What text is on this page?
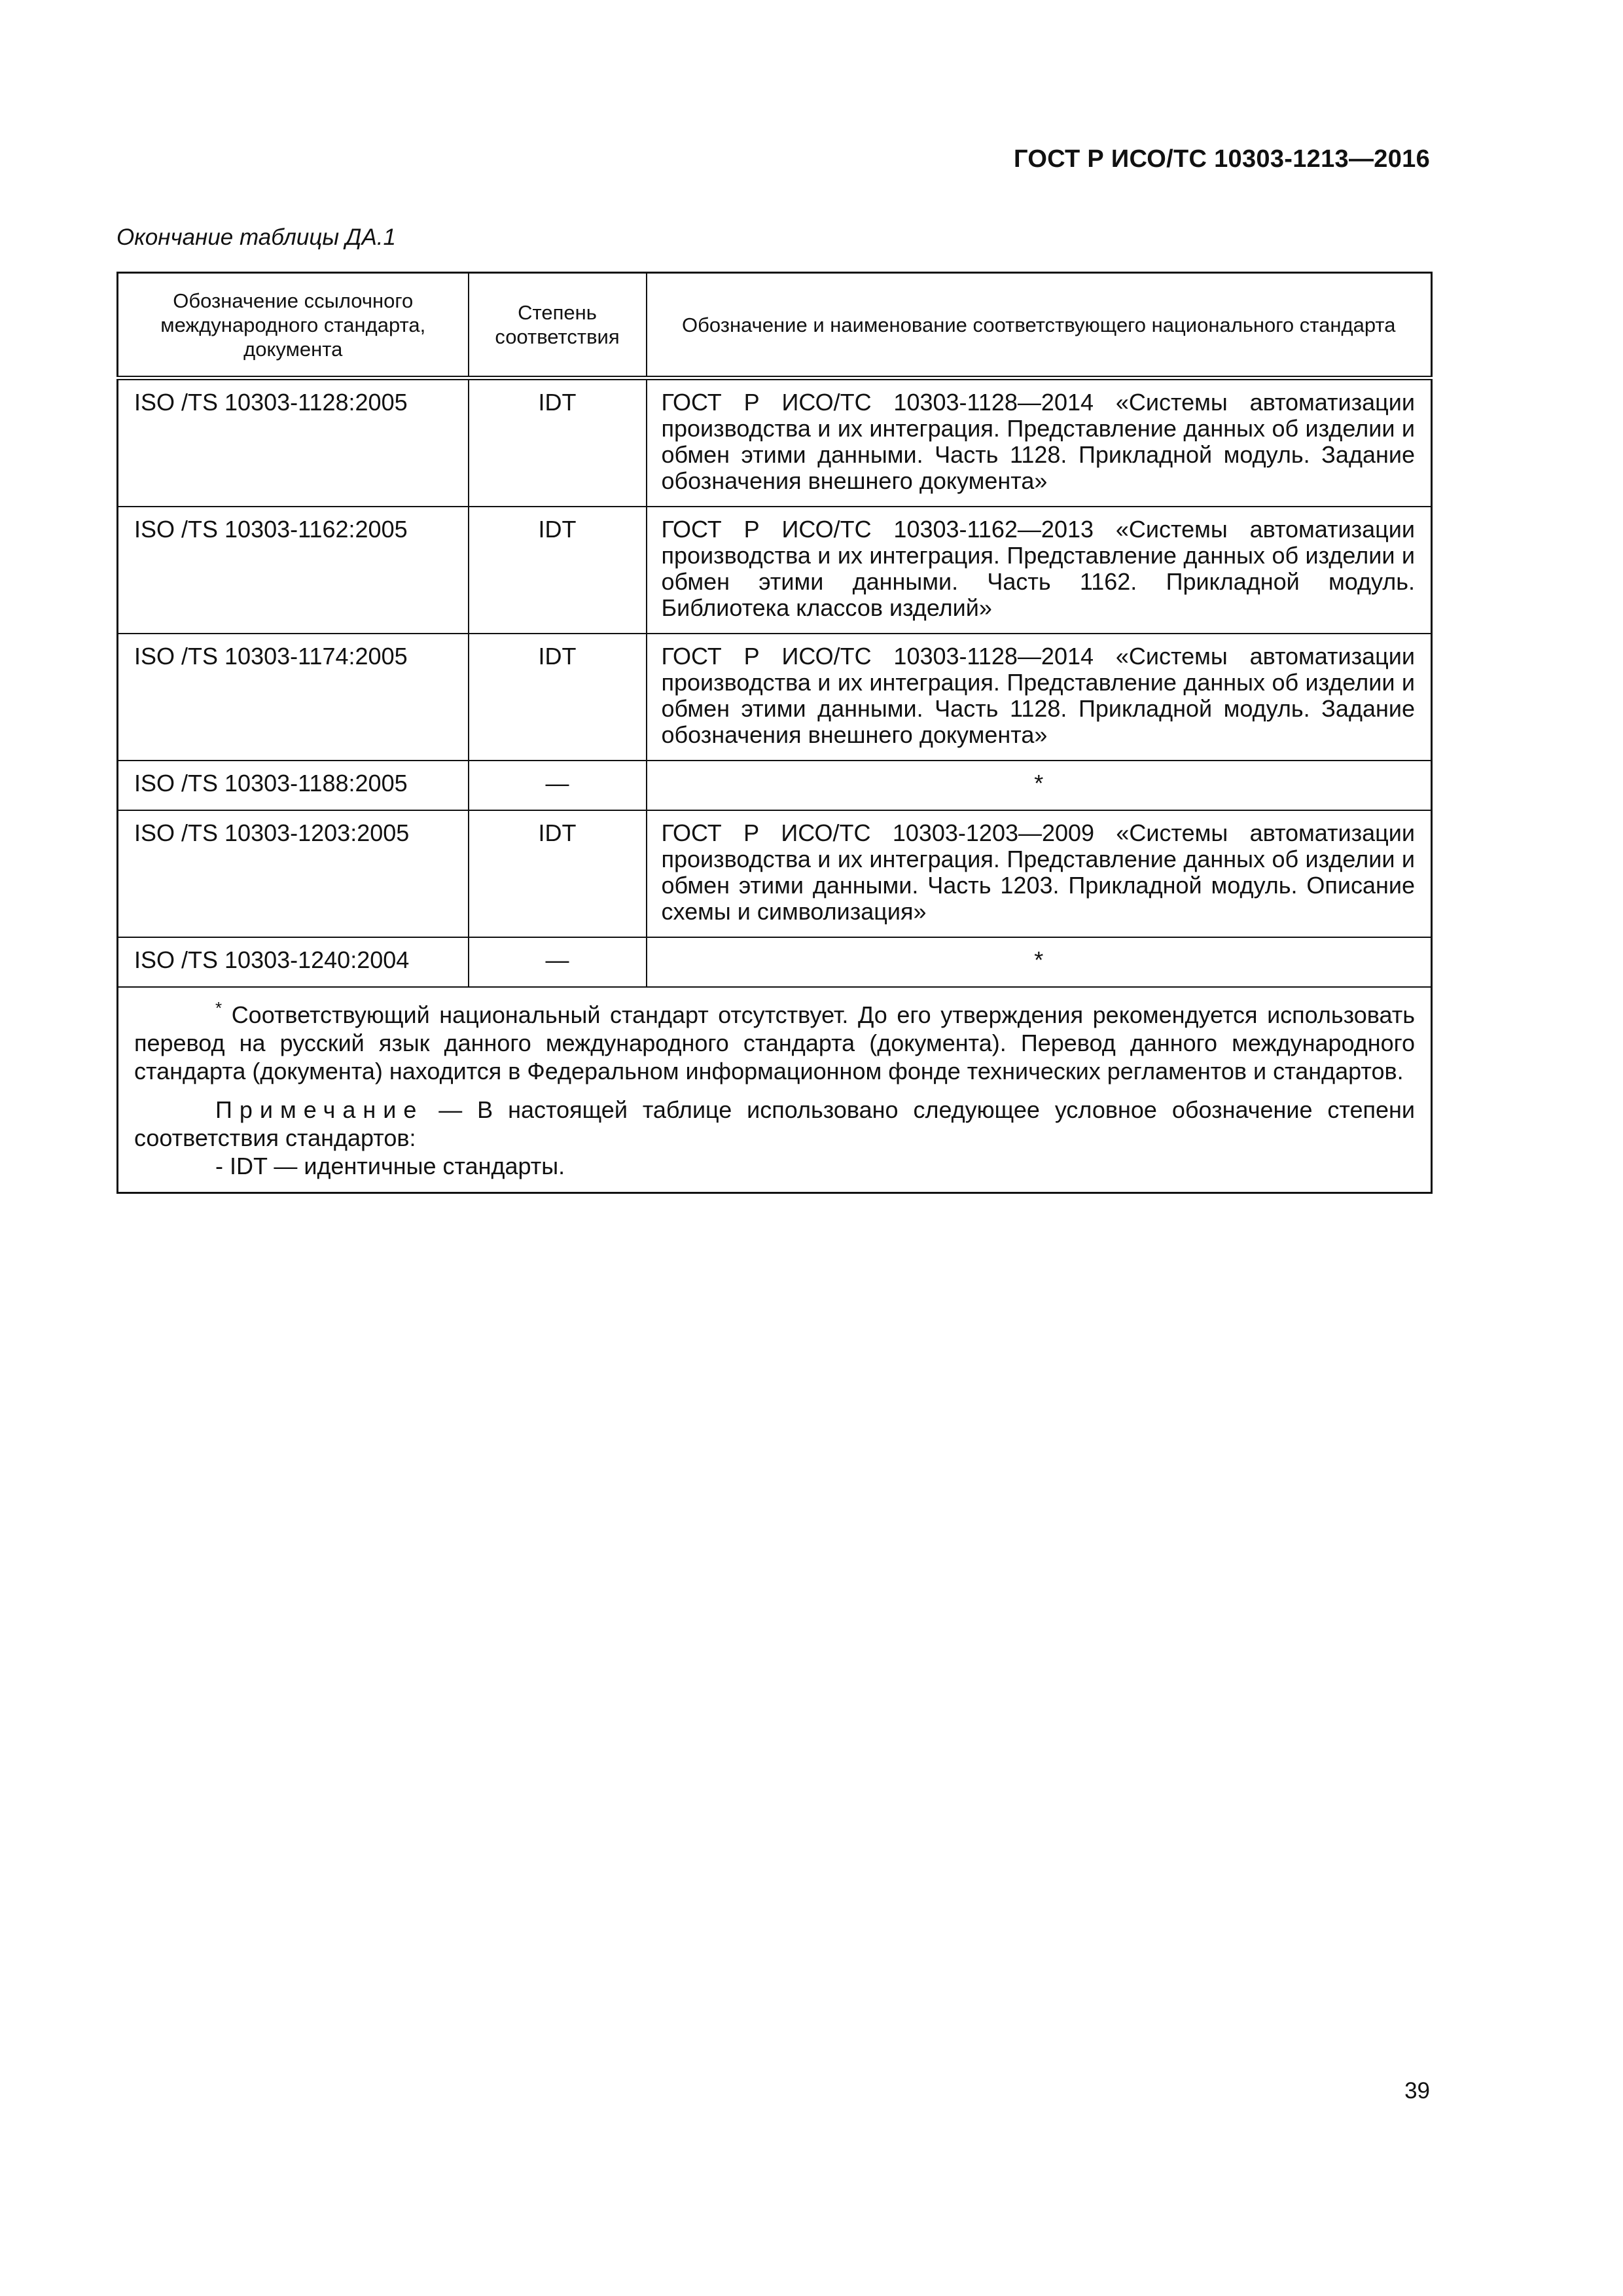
ГОСТ Р ИСО/ТС 10303-1213—2016
Окончание таблицы ДА.1
Обозначение ссылочного международного стандарта, документа	Степень соответствия	Обозначение и наименование соответствующего национального стандарта
ISO /TS 10303-1128:2005	IDT	ГОСТ Р ИСО/ТС 10303-1128—2014 «Системы автоматизации производства и их интеграция. Представление данных об изделии и обмен этими данными. Часть 1128. Прикладной модуль. Задание обозначения внешнего документа»
ISO /TS 10303-1162:2005	IDT	ГОСТ Р ИСО/ТС 10303-1162—2013 «Системы автоматизации производства и их интеграция. Представление данных об изделии и обмен этими данными. Часть 1162. Прикладной модуль. Библиотека классов изделий»
ISO /TS 10303-1174:2005	IDT	ГОСТ Р ИСО/ТС 10303-1128—2014 «Системы автоматизации производства и их интеграция. Представление данных об изделии и обмен этими данными. Часть 1128. Прикладной модуль. Задание обозначения внешнего документа»
ISO /TS 10303-1188:2005	—	*
ISO /TS 10303-1203:2005	IDT	ГОСТ Р ИСО/ТС 10303-1203—2009 «Системы автоматизации производства и их интеграция. Представление данных об изделии и обмен этими данными. Часть 1203. Прикладной модуль. Описание схемы и символизация»
ISO /TS 10303-1240:2004	—	*

* Соответствующий национальный стандарт отсутствует. До его утверждения рекомендуется использовать перевод на русский язык данного международного стандарта (документа). Перевод данного международного стандарта (документа) находится в Федеральном информационном фонде технических регламентов и стандартов.

Примечание — В настоящей таблице использовано следующее условное обозначение степени соответствия стандартов:

- IDT — идентичные стандарты.		

39
